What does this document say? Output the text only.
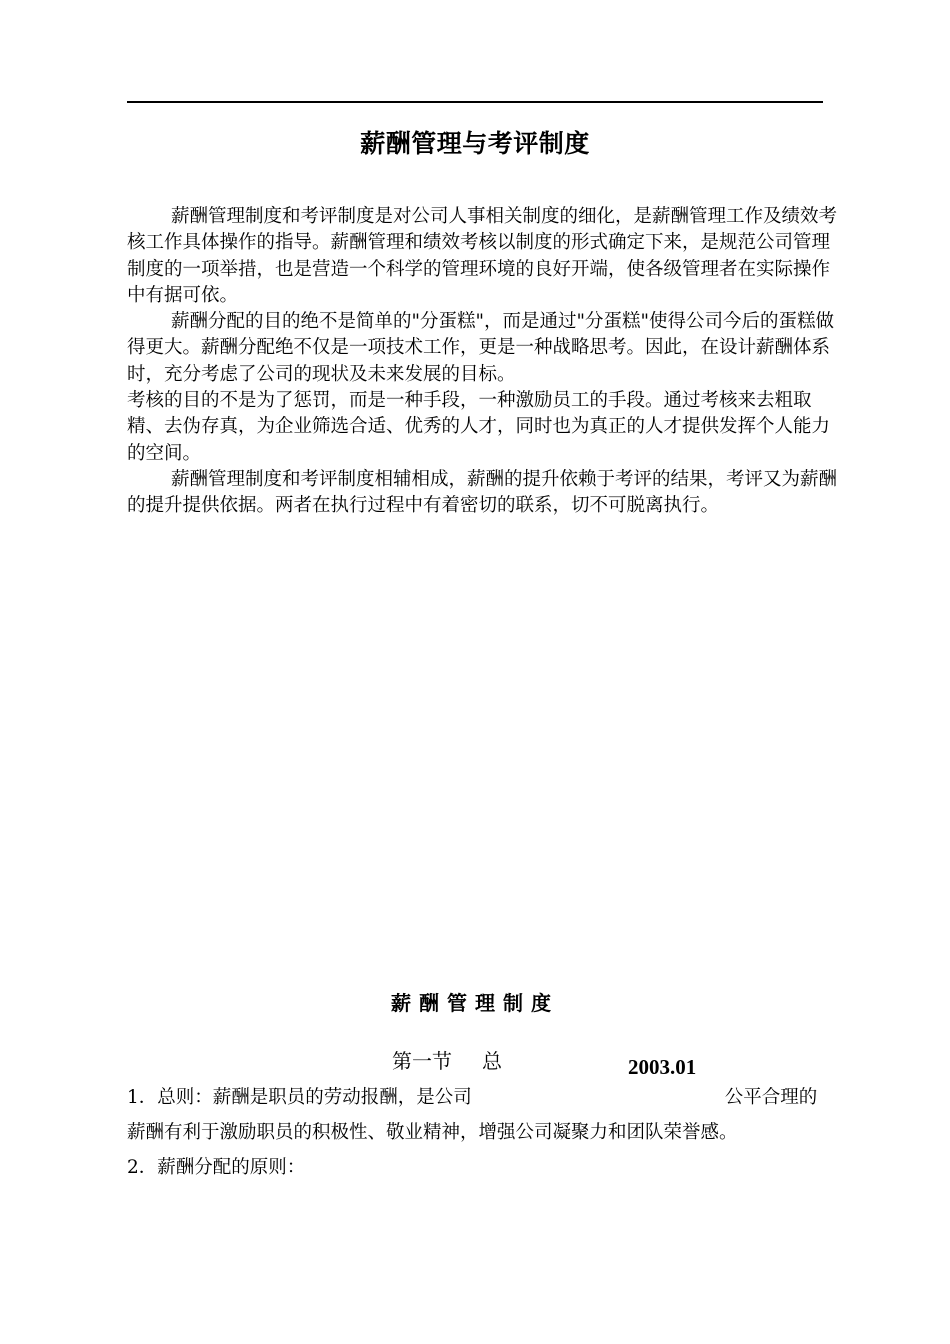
薪酬管理与考评制度

薪酬管理制度和考评制度是对公司人事相关制度的细化，是薪酬管理工作及绩效考核工作具体操作的指导。薪酬管理和绩效考核以制度的形式确定下来，是规范公司管理制度的一项举措，也是营造一个科学的管理环境的良好开端，使各级管理者在实际操作中有据可依。

薪酬分配的目的绝不是简单的"分蛋糕"，而是通过"分蛋糕"使得公司今后的蛋糕做得更大。薪酬分配绝不仅是一项技术工作，更是一种战略思考。因此，在设计薪酬体系时，充分考虑了公司的现状及未来发展的目标。

考核的目的不是为了惩罚，而是一种手段，一种激励员工的手段。通过考核来去粗取精、去伪存真，为企业筛选合适、优秀的人才，同时也为真正的人才提供发挥个人能力的空间。

薪酬管理制度和考评制度相辅相成，薪酬的提升依赖于考评的结果，考评又为薪酬的提升提供依据。两者在执行过程中有着密切的联系，切不可脱离执行。

薪酬管理制度
第一节 总	2003.01

1．总则：薪酬是职员的劳动报酬，是公司	公平合理的薪酬有利于激励职员的积极性、敬业精神，增强公司凝聚力和团队荣誉感。

2．薪酬分配的原则：
